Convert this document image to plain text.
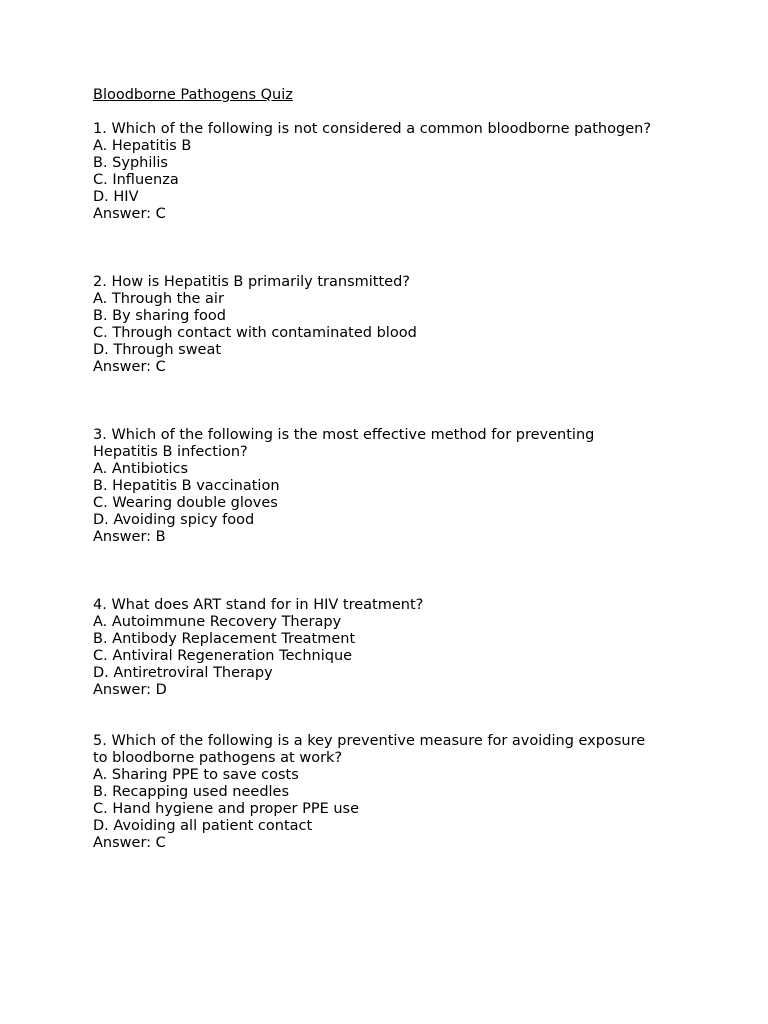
Bloodborne Pathogens Quiz
1. Which of the following is not considered a common bloodborne pathogen?
A. Hepatitis B
B. Syphilis
C. Influenza
D. HIV
Answer: C
2. How is Hepatitis B primarily transmitted?
A. Through the air
B. By sharing food
C. Through contact with contaminated blood
D. Through sweat
Answer: C
3. Which of the following is the most effective method for preventing Hepatitis B infection?
A. Antibiotics
B. Hepatitis B vaccination
C. Wearing double gloves
D. Avoiding spicy food
Answer: B
4. What does ART stand for in HIV treatment?
A. Autoimmune Recovery Therapy
B. Antibody Replacement Treatment
C. Antiviral Regeneration Technique
D. Antiretroviral Therapy
Answer: D
5. Which of the following is a key preventive measure for avoiding exposure to bloodborne pathogens at work?
A. Sharing PPE to save costs
B. Recapping used needles
C. Hand hygiene and proper PPE use
D. Avoiding all patient contact
Answer: C
